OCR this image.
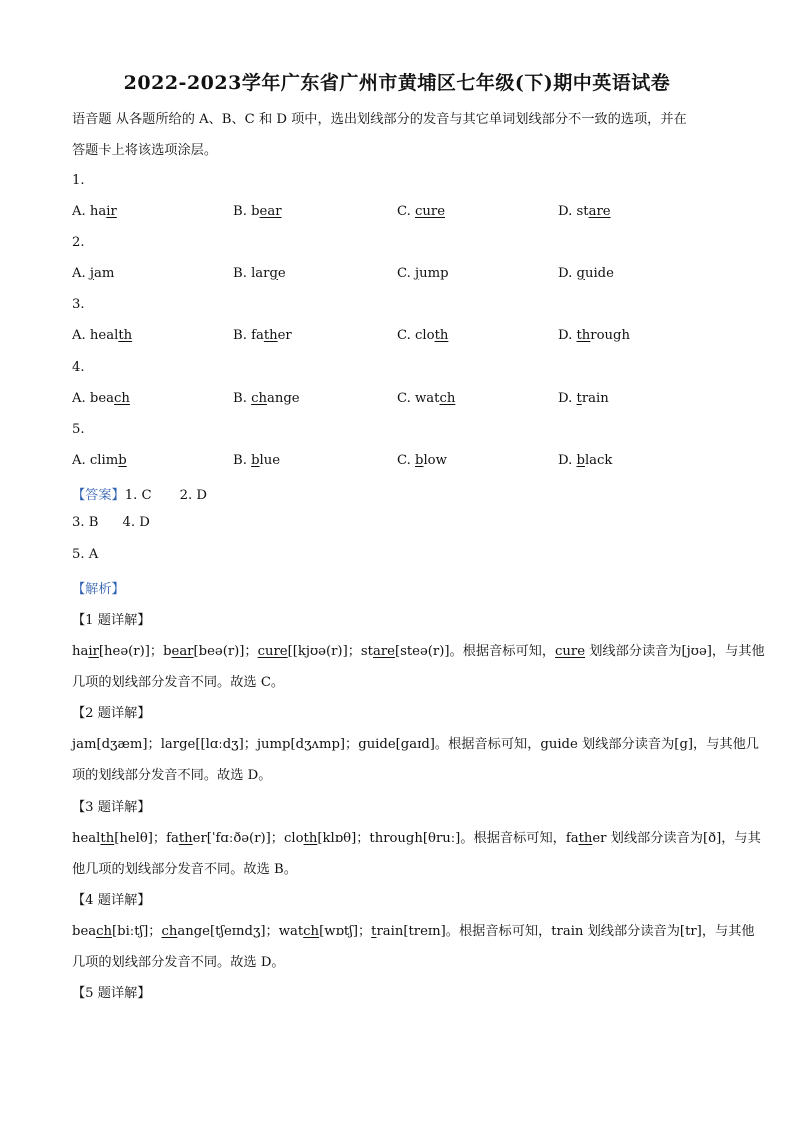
2022-2023学年广东省广州市黄埔区七年级(下)期中英语试卷
语音题 从各题所给的 A、B、C 和 D 项中，选出划线部分的发音与其它单词划线部分不一致的选项，并在
答题卡上将该选项涂层。
1.
A. hair	B. bear	C. cure	D. stare
2.
A. jam	B. large	C. jump	D. guide
3.
A. health	B. father	C. cloth	D. through
4.
A. beach	B. change	C. watch	D. train
5.
A. climb	B. blue	C. blow	D. black
【答案】1. C 2. D
3. B 4. D
5. A
【解析】
【1 题详解】
hair[heə(r)]；bear[beə(r)]；cure[[kjʊə(r)]；stare[steə(r)]。根据音标可知，cure 划线部分读音为[jʊə]，与其他
几项的划线部分发音不同。故选 C。
【2 题详解】
jam[dʒæm]；large[[lɑːdʒ]；jump[dʒʌmp]；guide[gaɪd]。根据音标可知，guide 划线部分读音为[g]，与其他几
项的划线部分发音不同。故选 D。
【3 题详解】
health[helθ]；father[ˈfɑːðə(r)]；cloth[klɒθ]；through[θruː]。根据音标可知，father 划线部分读音为[ð]，与其
他几项的划线部分发音不同。故选 B。
【4 题详解】
beach[biːtʃ]；change[tʃeɪndʒ]；watch[wɒtʃ]；train[treɪn]。根据音标可知，train 划线部分读音为[tr]，与其他
几项的划线部分发音不同。故选 D。
【5 题详解】
